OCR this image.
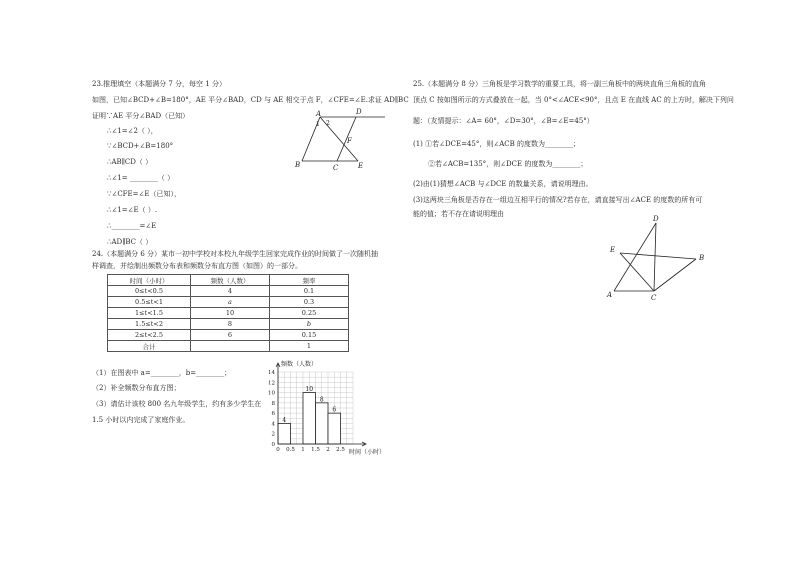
23.推理填空（本题满分 7 分，每空 1 分）
如图，已知∠BCD+∠B=180°，AE 平分∠BAD，CD 与 AE 相交于点 F，∠CFE=∠E.求证 AD∥BC
证明∵AE 平分∠BAD（已知）
∴∠1=∠2（ ），
∵∠BCD+∠B=180°
∴AB∥CD（ ）
∴∠1= ________（ ）
∵∠CFE=∠E（已知），
∴∠1=∠E（ ）.
∴________=∠E
∴AD∥BC（ ）
A	D
1 2
F
B	C	E
24.（本题满分 6 分）某市一初中学校对本校九年级学生回家完成作业的时间做了一次随机抽
样调查，并绘制出频数分布表和频数分布直方图（如图）的一部分。
时间（小时）	频数（人数）	频率
0≤t<0.5	4	0.1
0.5≤t<1	a	0.3
1≤t<1.5	10	0.25
1.5≤t<2	8	b
2≤t<2.5	6	0.15
合计		1
（1）在图表中 a=________，b=________；
（2）补全频数分布直方图；
（3）请估计该校 800 名九年级学生，约有多少学生在
1.5 小时以内完成了家庭作业。	4
10
8
6
0
2
4
6
8
10
12
14
0 0.5 1 1.5 2 2.5
频数（人数）
时间（小时）
25.（本题满分 8 分）三角板是学习数学的重要工具，将一副三角板中的两块直角三角板的直角
顶点 C 按如图所示的方式叠放在一起，当 0°<∠ACE<90°，且点 E 在直线 AC 的上方时，解决下列问
题：（友情提示：∠A= 60°，∠D=30°，∠B=∠E=45°）
(1) ①若∠DCE=45°，则∠ACB 的度数为________；
②若∠ACB=135°，则∠DCE 的度数为________；
(2)由(1)猜想∠ACB 与∠DCE 的数量关系，请说明理由。
(3)这两块三角板是否存在一组边互相平行的情况?若存在，请直接写出∠ACE 的度数的所有可
能的值；若不存在请说明理由
D
E
B
A	C
